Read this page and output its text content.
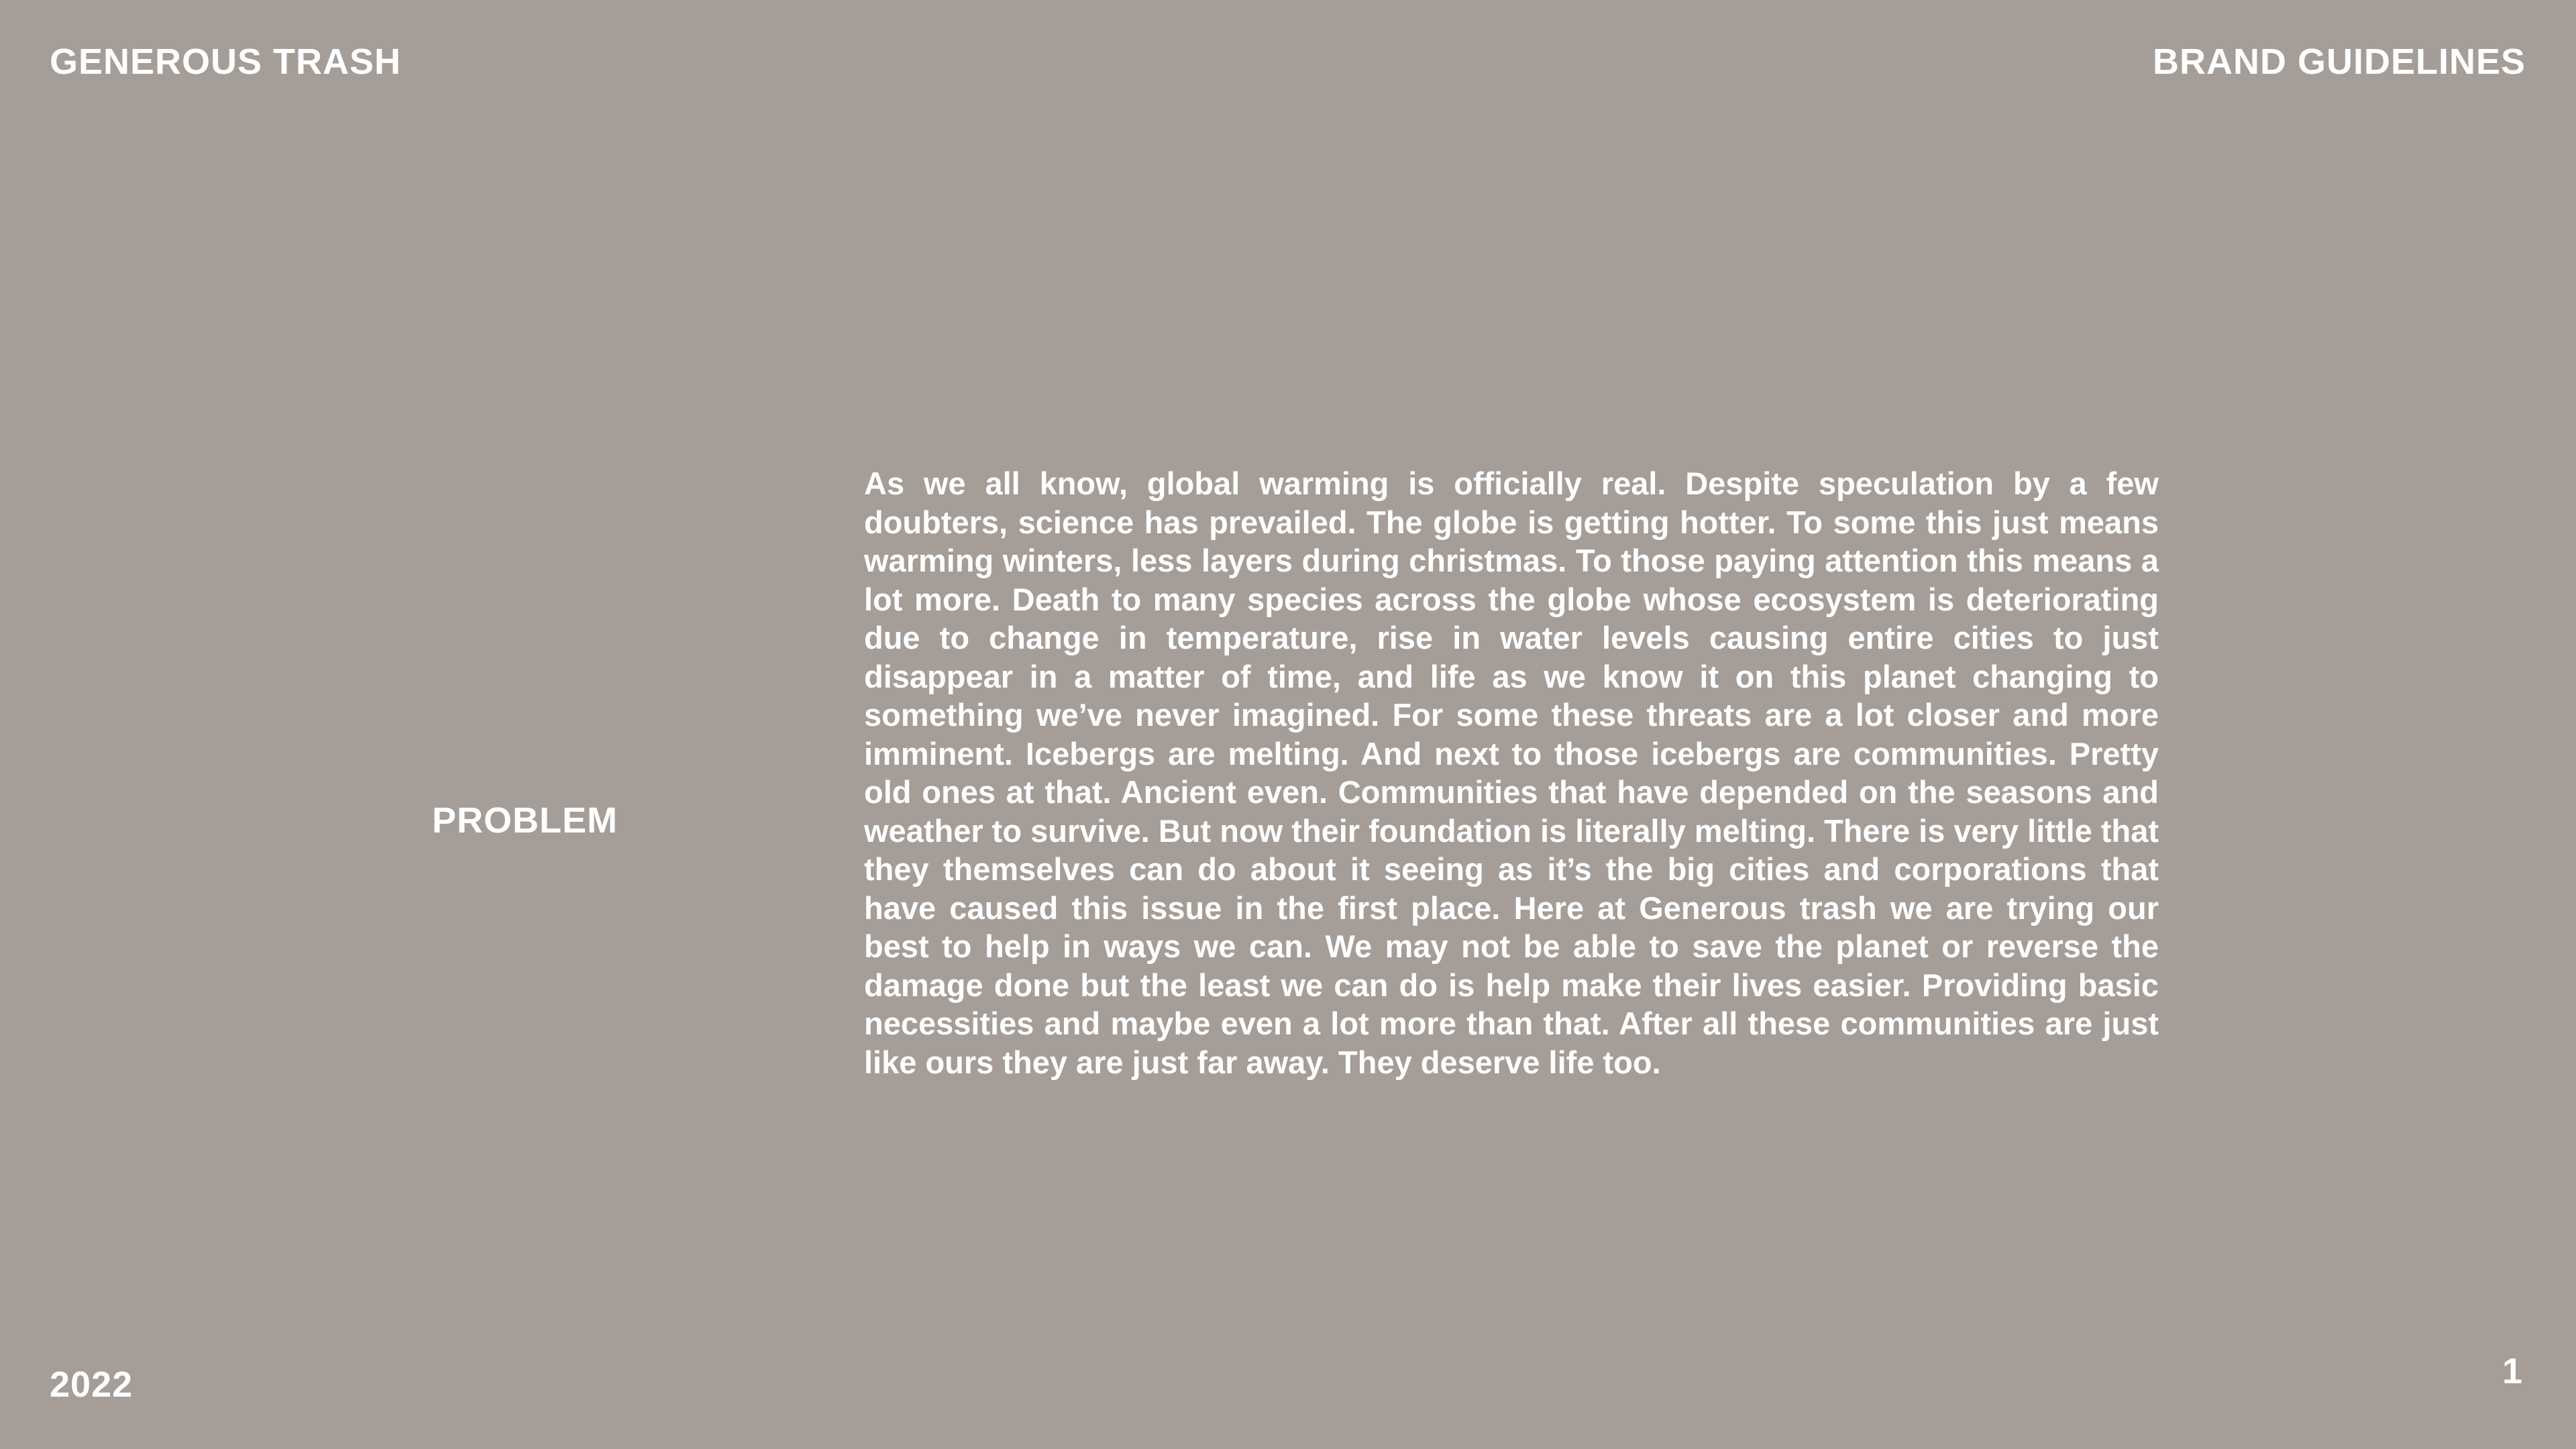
GENEROUS TRASH	BRAND GUIDELINES
PROBLEM

As we all know, global warming is officially real. Despite speculation by a few doubters, science has prevailed. The globe is getting hotter. To some this just means warming winters, less layers during christmas. To those paying attention this means a lot more. Death to many species across the globe whose ecosystem is deteriorating due to change in temperature, rise in water levels causing entire cities to just disappear in a matter of time, and life as we know it on this planet changing to something we’ve never imagined. For some these threats are a lot closer and more imminent. Icebergs are melting. And next to those icebergs are communities. Pretty old ones at that. Ancient even. Communities that have depended on the seasons and weather to survive. But now their foundation is literally melting. There is very little that they themselves can do about it seeing as it’s the big cities and corporations that have caused this issue in the first place. Here at Generous trash we are trying our best to help in ways we can. We may not be able to save the planet or reverse the damage done but the least we can do is help make their lives easier. Providing basic necessities and maybe even a lot more than that. After all these communities are just like ours they are just far away. They deserve life too.

2022	1
